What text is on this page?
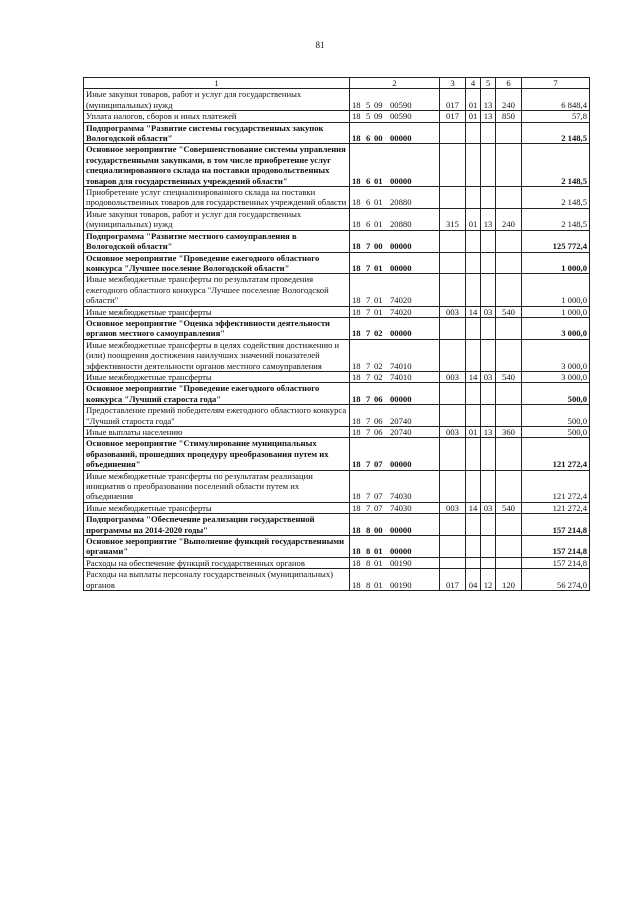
81
1	2	3	4	5	6	7
Иные закупки товаров, работ и услуг для государственных (муниципальных) нужд	18 5 09 00590	017	01	13	240	6 848,4
Уплата налогов, сборов и иных платежей	18 5 09 00590	017	01	13	850	57,8
Подпрограмма "Развитие системы государственных закупок Вологодской области"	18 6 00 00000					2 148,5
Основное мероприятие "Совершенствование системы управления государственными закупками, в том числе приобретение услуг специализированного склада на поставки продовольственных товаров для государственных учреждений области"	18 6 01 00000					2 148,5
Приобретение услуг специализированного склада на поставки продовольственных товаров для государственных учреждений области	18 6 01 20880					2 148,5
Иные закупки товаров, работ и услуг для государственных (муниципальных) нужд	18 6 01 20880	315	01	13	240	2 148,5
Подпрограмма "Развитие местного самоуправления в Вологодской области"	18 7 00 00000					125 772,4
Основное мероприятие "Проведение ежегодного областного конкурса "Лучшее поселение Вологодской области"	18 7 01 00000					1 000,0
Иные межбюджетные трансферты по результатам проведения ежегодного областного конкурса "Лучшее поселение Вологодской области"	18 7 01 74020					1 000,0
Иные межбюджетные трансферты	18 7 01 74020	003	14	03	540	1 000,0
Основное мероприятие "Оценка эффективности деятельности органов местного самоуправления"	18 7 02 00000					3 000,0
Иные межбюджетные трансферты в целях содействия достижению и (или) поощрения достижения наилучших значений показателей эффективности деятельности органов местного самоуправления	18 7 02 74010					3 000,0
Иные межбюджетные трансферты	18 7 02 74010	003	14	03	540	3 000,0
Основное мероприятие "Проведение ежегодного областного конкурса "Лучший староста года"	18 7 06 00000					500,0
Предоставление премий победителям ежегодного областного конкурса "Лучший староста года"	18 7 06 20740					500,0
Иные выплаты населению	18 7 06 20740	003	01	13	360	500,0
Основное мероприятие "Стимулирование муниципальных образований, прошедших процедуру преобразования путем их объединения"	18 7 07 00000					121 272,4
Иные межбюджетные трансферты по результатам реализации инициатив о преобразовании поселений области путем их объединения	18 7 07 74030					121 272,4
Иные межбюджетные трансферты	18 7 07 74030	003	14	03	540	121 272,4
Подпрограмма "Обеспечение реализации государственной программы на 2014-2020 годы"	18 8 00 00000					157 214,8
Основное мероприятие "Выполнение функций государственными органами"	18 8 01 00000					157 214,8
Расходы на обеспечение функций государственных органов	18 8 01 00190					157 214,8
Расходы на выплаты персоналу государственных (муниципальных) органов	18 8 01 00190	017	04	12	120	56 274,0
